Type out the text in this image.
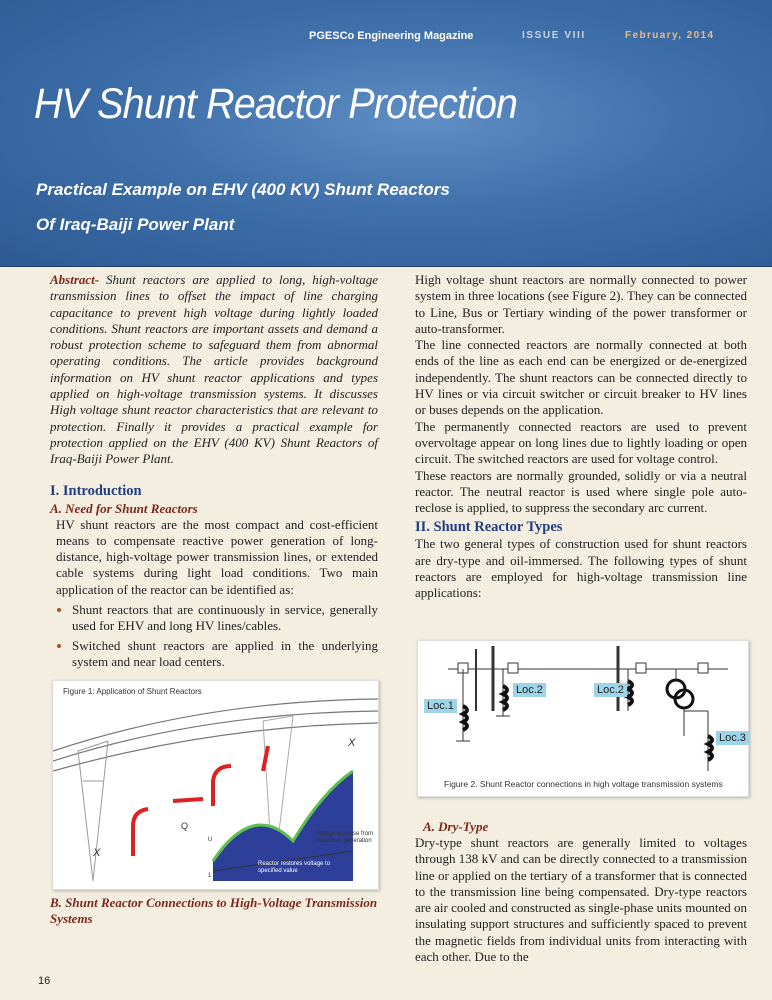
PGESCo Engineering Magazine	ISSUE VIII	February, 2014
HV Shunt Reactor Protection
Practical Example on EHV (400 KV) Shunt Reactors
Of Iraq-Baiji Power Plant

Abstract- Shunt reactors are applied to long, high-voltage transmission lines to offset the impact of line charging capacitance to prevent high voltage during lightly loaded conditions. Shunt reactors are important assets and demand a robust protection scheme to safeguard them from abnormal operating conditions. The article provides background information on HV shunt reactor applications and types applied on high-voltage transmission systems. It discusses High voltage shunt reactor characteristics that are relevant to protection. Finally it provides a practical example for protection applied on the EHV (400 KV) Shunt Reactors of Iraq-Baiji Power Plant.

I. Introduction
A. Need for Shunt Reactors

HV shunt reactors are the most compact and cost-efficient means to compensate reactive power generation of long-distance, high-voltage power transmission lines, or extended cable systems during light load conditions. Two main application of the reactor can be identified as:

• Shunt reactors that are continuously in service, generally used for EHV and long HV lines/cables.
• Switched shunt reactors are applied in the underlying system and near load centers.
Figure 1: Application of Shunt Reactors
Q
X
X
U
1
Voltage increase from capacitive generation
Reactor restores voltage to specified value
B. Shunt Reactor Connections to High-Voltage Transmission Systems

High voltage shunt reactors are normally connected to power system in three locations (see Figure 2). They can be connected to Line, Bus or Tertiary winding of the power transformer or auto-transformer.

The line connected reactors are normally connected at both ends of the line as each end can be energized or de-energized independently. The shunt reactors can be connected directly to HV lines or via circuit switcher or circuit breaker to HV lines or buses depends on the application.

The permanently connected reactors are used to prevent overvoltage appear on long lines due to lightly loading or open circuit. The switched reactors are used for voltage control.

These reactors are normally grounded, solidly or via a neutral reactor. The neutral reactor is used where single pole auto-reclose is applied, to suppress the secondary arc current.

II. Shunt Reactor Types

The two general types of construction used for shunt reactors are dry-type and oil-immersed. The following types of shunt reactors are employed for high-voltage transmission line applications:

Loc.1
Loc.2	Loc.2
Loc.3
Figure 2. Shunt Reactor connections in high voltage transmission systems
A. Dry-Type

Dry-type shunt reactors are generally limited to voltages through 138 kV and can be directly connected to a transmission line or applied on the tertiary of a transformer that is connected to the transmission line being compensated. Dry-type reactors are air cooled and constructed as single-phase units mounted on insulating support structures and sufficiently spaced to prevent the magnetic fields from individual units from interacting with each other. Due to the

16
